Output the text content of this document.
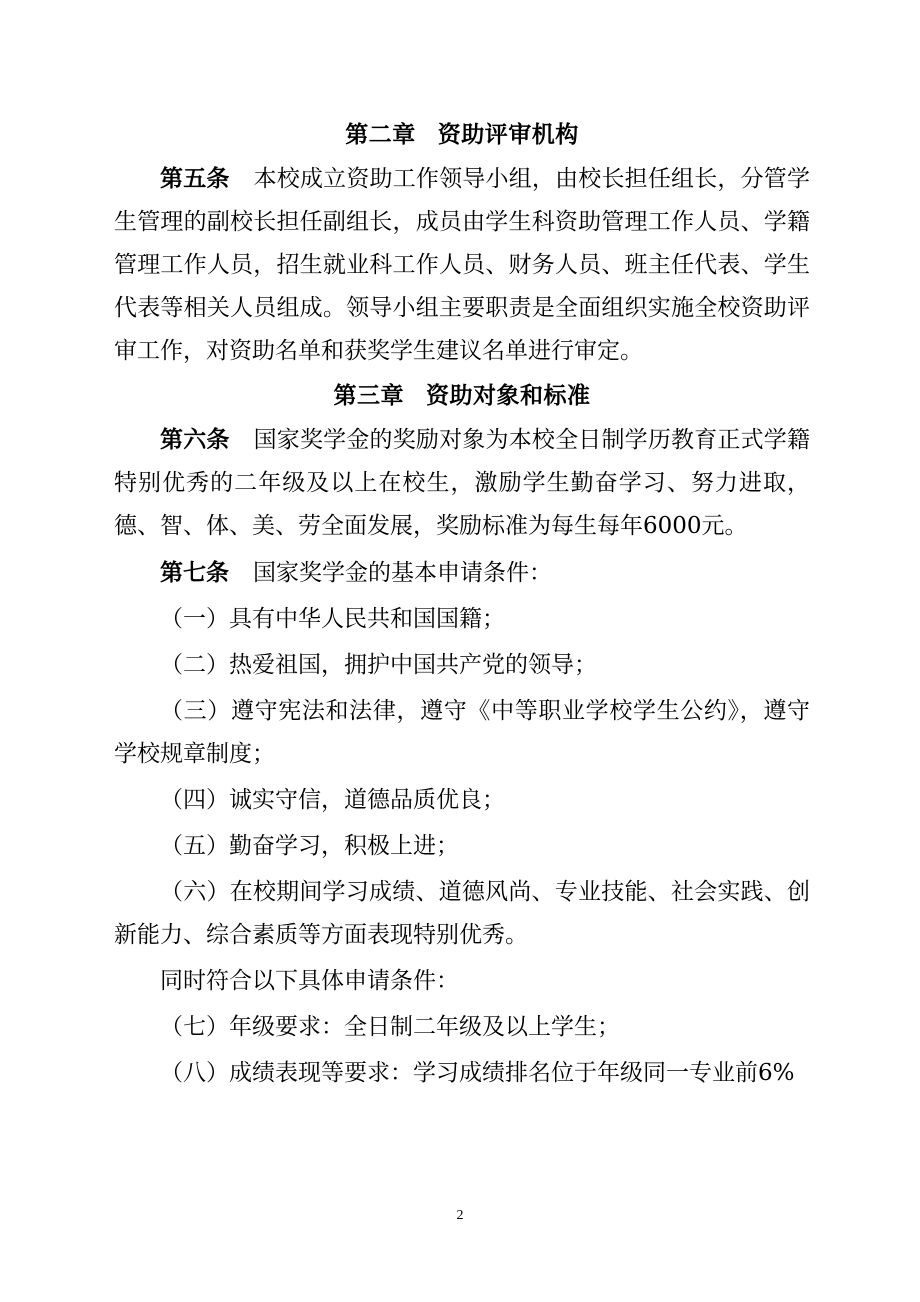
第二章 资助评审机构

第五条 本校成立资助工作领导小组，由校长担任组长，分管学生管理的副校长担任副组长，成员由学生科资助管理工作人员、学籍管理工作人员，招生就业科工作人员、财务人员、班主任代表、学生代表等相关人员组成。领导小组主要职责是全面组织实施全校资助评审工作，对资助名单和获奖学生建议名单进行审定。

第三章 资助对象和标准

第六条 国家奖学金的奖励对象为本校全日制学历教育正式学籍特别优秀的二年级及以上在校生，激励学生勤奋学习、努力进取，德、智、体、美、劳全面发展，奖励标准为每生每年6000元。

第七条 国家奖学金的基本申请条件：

（一）具有中华人民共和国国籍；

（二）热爱祖国，拥护中国共产党的领导；

（三）遵守宪法和法律，遵守《中等职业学校学生公约》，遵守学校规章制度；

（四）诚实守信，道德品质优良；

（五）勤奋学习，积极上进；

（六）在校期间学习成绩、道德风尚、专业技能、社会实践、创新能力、综合素质等方面表现特别优秀。

同时符合以下具体申请条件：

（七）年级要求：全日制二年级及以上学生；

（八）成绩表现等要求：学习成绩排名位于年级同一专业前6%

2
